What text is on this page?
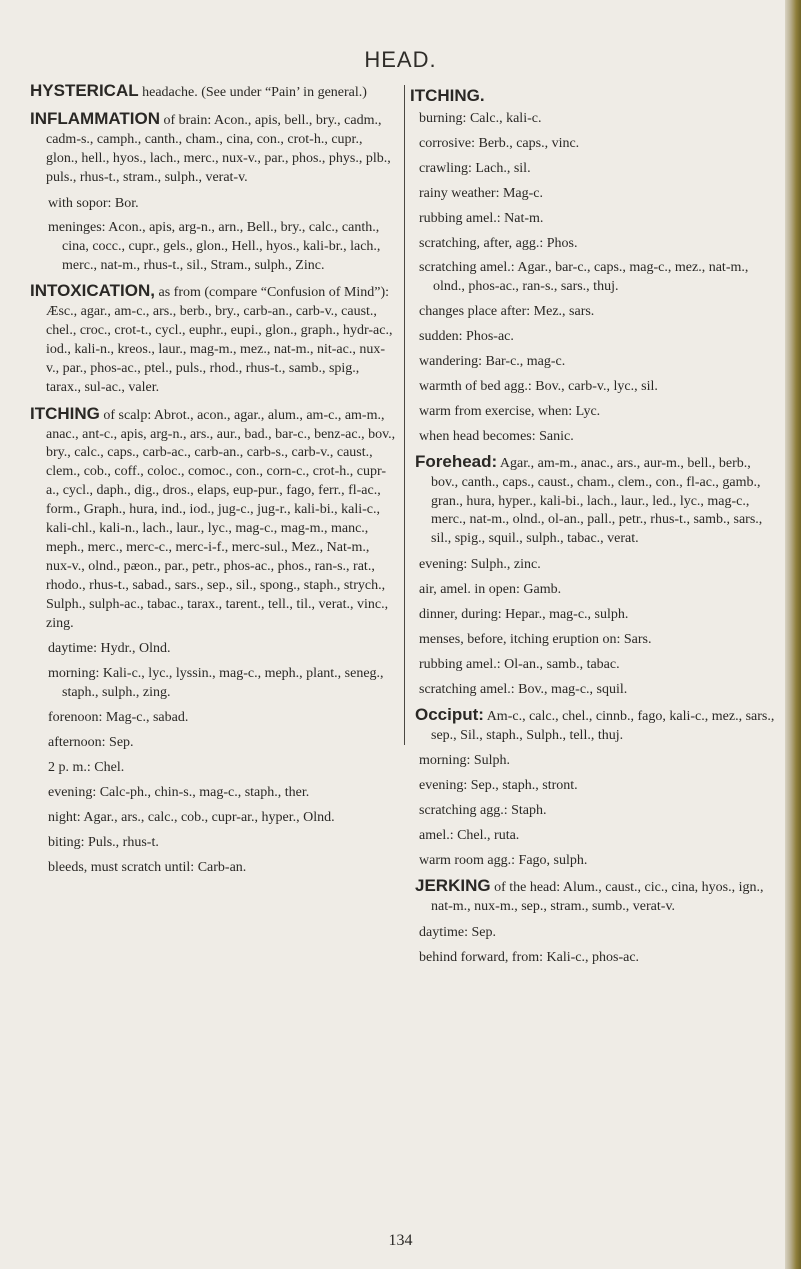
HEAD.

HYSTERICAL headache. (See under “Pain’ in general.)

INFLAMMATION of brain: Acon., apis, bell., bry., cadm., cadm-s., camph., canth., cham., cina, con., crot-h., cupr., glon., hell., hyos., lach., merc., nux-v., par., phos., phys., plb., puls., rhus-t., stram., sulph., verat-v.

with sopor: Bor.

meninges: Acon., apis, arg-n., arn., Bell., bry., calc., canth., cina, cocc., cupr., gels., glon., Hell., hyos., kali-br., lach., merc., nat-m., rhus-t., sil., Stram., sulph., Zinc.

INTOXICATION, as from (compare “Confusion of Mind”): Æsc., agar., am-c., ars., berb., bry., carb-an., carb-v., caust., chel., croc., crot-t., cycl., euphr., eupi., glon., graph., hydr-ac., iod., kali-n., kreos., laur., mag-m., mez., nat-m., nit-ac., nux-v., par., phos-ac., ptel., puls., rhod., rhus-t., samb., spig., tarax., sul-ac., valer.

ITCHING of scalp: Abrot., acon., agar., alum., am-c., am-m., anac., ant-c., apis, arg-n., ars., aur., bad., bar-c., benz-ac., bov., bry., calc., caps., carb-ac., carb-an., carb-s., carb-v., caust., clem., cob., coff., coloc., comoc., con., corn-c., crot-h., cupr-a., cycl., daph., dig., dros., elaps, eup-pur., fago, ferr., fl-ac., form., Graph., hura, ind., iod., jug-c., jug-r., kali-bi., kali-c., kali-chl., kali-n., lach., laur., lyc., mag-c., mag-m., manc., meph., merc., merc-c., merc-i-f., merc-sul., Mez., Nat-m., nux-v., olnd., pæon., par., petr., phos-ac., phos., ran-s., rat., rhodo., rhus-t., sabad., sars., sep., sil., spong., staph., strych., Sulph., sulph-ac., tabac., tarax., tarent., tell., til., verat., vinc., zing.

daytime: Hydr., Olnd.

morning: Kali-c., lyc., lyssin., mag-c., meph., plant., seneg., staph., sulph., zing.

forenoon: Mag-c., sabad.

afternoon: Sep.

2 p. m.: Chel.

evening: Calc-ph., chin-s., mag-c., staph., ther.

night: Agar., ars., calc., cob., cupr-ar., hyper., Olnd.

biting: Puls., rhus-t.

bleeds, must scratch until: Carb-an.

ITCHING.

burning: Calc., kali-c.

corrosive: Berb., caps., vinc.

crawling: Lach., sil.

rainy weather: Mag-c.

rubbing amel.: Nat-m.

scratching, after, agg.: Phos.

scratching amel.: Agar., bar-c., caps., mag-c., mez., nat-m., olnd., phos-ac., ran-s., sars., thuj.

changes place after: Mez., sars.

sudden: Phos-ac.

wandering: Bar-c., mag-c.

warmth of bed agg.: Bov., carb-v., lyc., sil.

warm from exercise, when: Lyc.

when head becomes: Sanic.

Forehead: Agar., am-m., anac., ars., aur-m., bell., berb., bov., canth., caps., caust., cham., clem., con., fl-ac., gamb., gran., hura, hyper., kali-bi., lach., laur., led., lyc., mag-c., merc., nat-m., olnd., ol-an., pall., petr., rhus-t., samb., sars., sil., spig., squil., sulph., tabac., verat.

evening: Sulph., zinc.

air, amel. in open: Gamb.

dinner, during: Hepar., mag-c., sulph.

menses, before, itching eruption on: Sars.

rubbing amel.: Ol-an., samb., tabac.

scratching amel.: Bov., mag-c., squil.

Occiput: Am-c., calc., chel., cinnb., fago, kali-c., mez., sars., sep., Sil., staph., Sulph., tell., thuj.

morning: Sulph.

evening: Sep., staph., stront.

scratching agg.: Staph.

amel.: Chel., ruta.

warm room agg.: Fago, sulph.

JERKING of the head: Alum., caust., cic., cina, hyos., ign., nat-m., nux-m., sep., stram., sumb., verat-v.

daytime: Sep.

behind forward, from: Kali-c., phos-ac.

134
